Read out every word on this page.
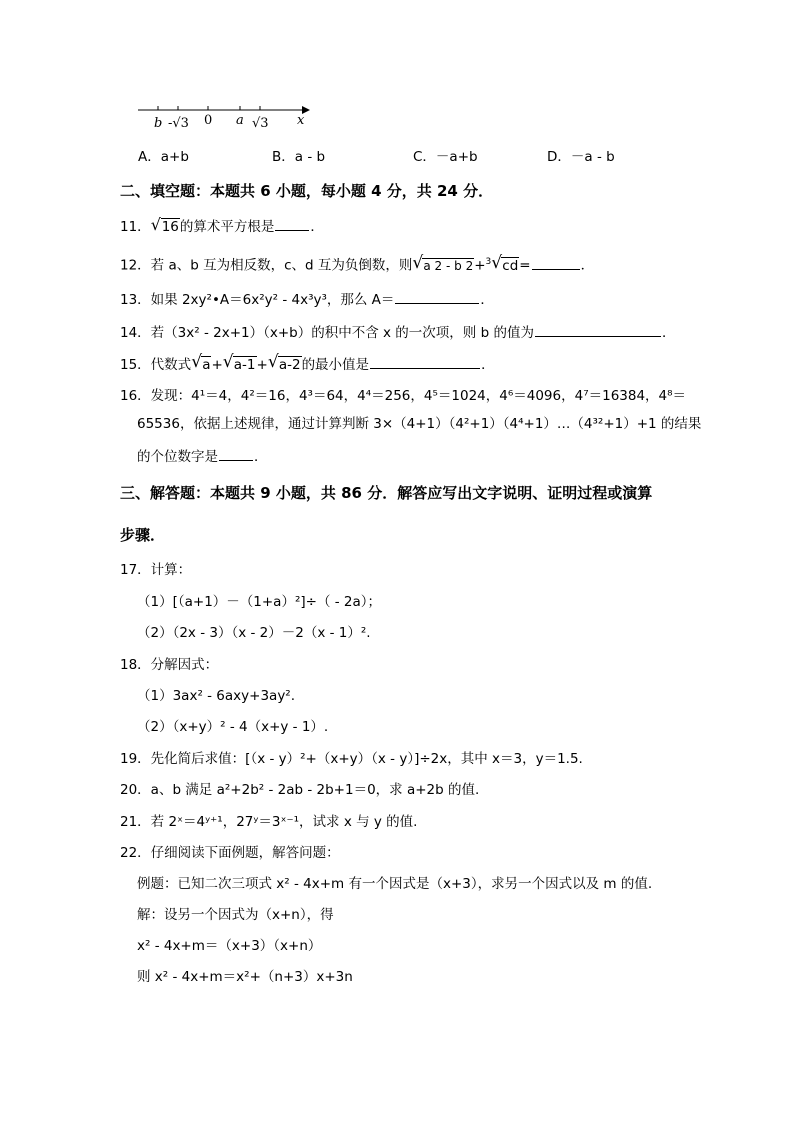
b -√3 0 a √3 x
A．a+b	B．a - b	C．－a+b	D．－a - b
二、填空题：本题共 6 小题，每小题 4 分，共 24 分．
11． √ 16的算术平方根是	．
12．若 a、b 互为相反数，c、d 互为负倒数，则 √ a 2 - b 2+$^3$ √ cd=	．
13．如果 2xy²•A＝6x²y² - 4x³y³，那么 A＝	．
14．若（3x² - 2x+1）（x+b）的积中不含 x 的一次项，则 b 的值为	．
15．代数式 √ a+ √ a-1+ √ a-2的最小值是	．
16．发现：4¹＝4，4²＝16，4³＝64，4⁴＝256，4⁵＝1024，4⁶＝4096，4⁷＝16384，4⁸＝
65536，依据上述规律，通过计算判断 3×（4+1）（4²+1）（4⁴+1）…（4³²+1）+1 的结果
的个位数字是	．
三、解答题：本题共 9 小题，共 86 分．解答应写出文字说明、证明过程或演算
步骤．
17．计算：
（1）[（a+1）－（1+a）²]÷（ - 2a）；
（2）（2x - 3）（x - 2）－2（x - 1）².
18．分解因式：
（1）3ax² - 6axy+3ay².
（2）（x+y）² - 4（x+y - 1）.
19．先化简后求值：[（x - y）²+（x+y）（x - y）]÷2x，其中 x＝3，y＝1.5.
20．a、b 满足 a²+2b² - 2ab - 2b+1＝0，求 a+2b 的值.
21．若 2ˣ＝4ʸ⁺¹，27ʸ＝3ˣ⁻¹，试求 x 与 y 的值.
22．仔细阅读下面例题，解答问题：
例题：已知二次三项式 x² - 4x+m 有一个因式是（x+3），求另一个因式以及 m 的值.
解：设另一个因式为（x+n），得
x² - 4x+m＝（x+3）（x+n）
则 x² - 4x+m＝x²+（n+3）x+3n
